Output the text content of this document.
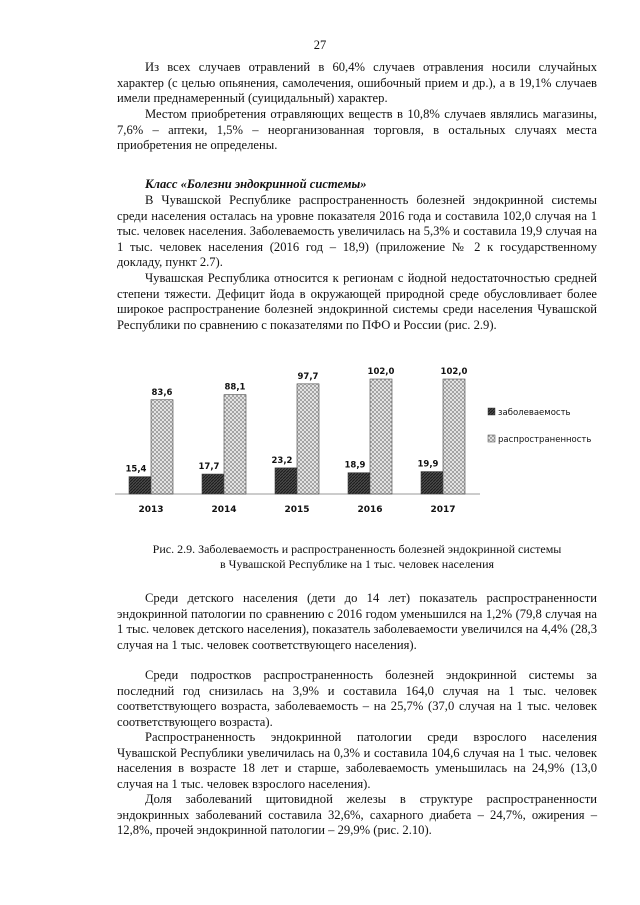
27

Из всех случаев отравлений в 60,4% случаев отравления носили случайных характер (с целью опьянения, самолечения, ошибочный прием и др.), а в 19,1% случаев имели преднамеренный (суицидальный) характер.

Местом приобретения отравляющих веществ в 10,8% случаев являлись магазины, 7,6% – аптеки, 1,5% – неорганизованная торговля, в остальных случаях места приобретения не определены.

Класс «Болезни эндокринной системы»

В Чувашской Республике распространенность болезней эндокринной системы среди населения осталась на уровне показателя 2016 года и составила 102,0 случая на 1 тыс. человек населения. Заболеваемость увеличилась на 5,3% и составила 19,9 случая на 1 тыс. человек населения (2016 год – 18,9) (приложение № 2 к государственному докладу, пункт 2.7).

Чувашская Республика относится к регионам с йодной недостаточностью средней степени тяжести. Дефицит йода в окружающей природной среде обусловливает более широкое распространение болезней эндокринной системы среди населения Чувашской Республики по сравнению с показателями по ПФО и России (рис. 2.9).

15,4
83,6
2013
17,7
88,1
2014
23,2
97,7
2015
18,9
102,0
2016
19,9
102,0
2017
заболеваемость
распространенность
Рис. 2.9. Заболеваемость и распространенность болезней эндокринной системы
в Чувашской Республике на 1 тыс. человек населения

Среди детского населения (дети до 14 лет) показатель распространенности эндокринной патологии по сравнению с 2016 годом уменьшился на 1,2% (79,8 случая на 1 тыс. человек детского населения), показатель заболеваемости увеличился на 4,4% (28,3 случая на 1 тыс. человек соответствующего населения).

Среди подростков распространенность болезней эндокринной системы за последний год снизилась на 3,9% и составила 164,0 случая на 1 тыс. человек соответствующего возраста, заболеваемость – на 25,7% (37,0 случая на 1 тыс. человек соответствующего возраста).

Распространенность эндокринной патологии среди взрослого населения Чувашской Республики увеличилась на 0,3% и составила 104,6 случая на 1 тыс. человек населения в возрасте 18 лет и старше, заболеваемость уменьшилась на 24,9% (13,0 случая на 1 тыс. человек взрослого населения).

Доля заболеваний щитовидной железы в структуре распространенности эндокринных заболеваний составила 32,6%, сахарного диабета – 24,7%, ожирения – 12,8%, прочей эндокринной патологии – 29,9% (рис. 2.10).
